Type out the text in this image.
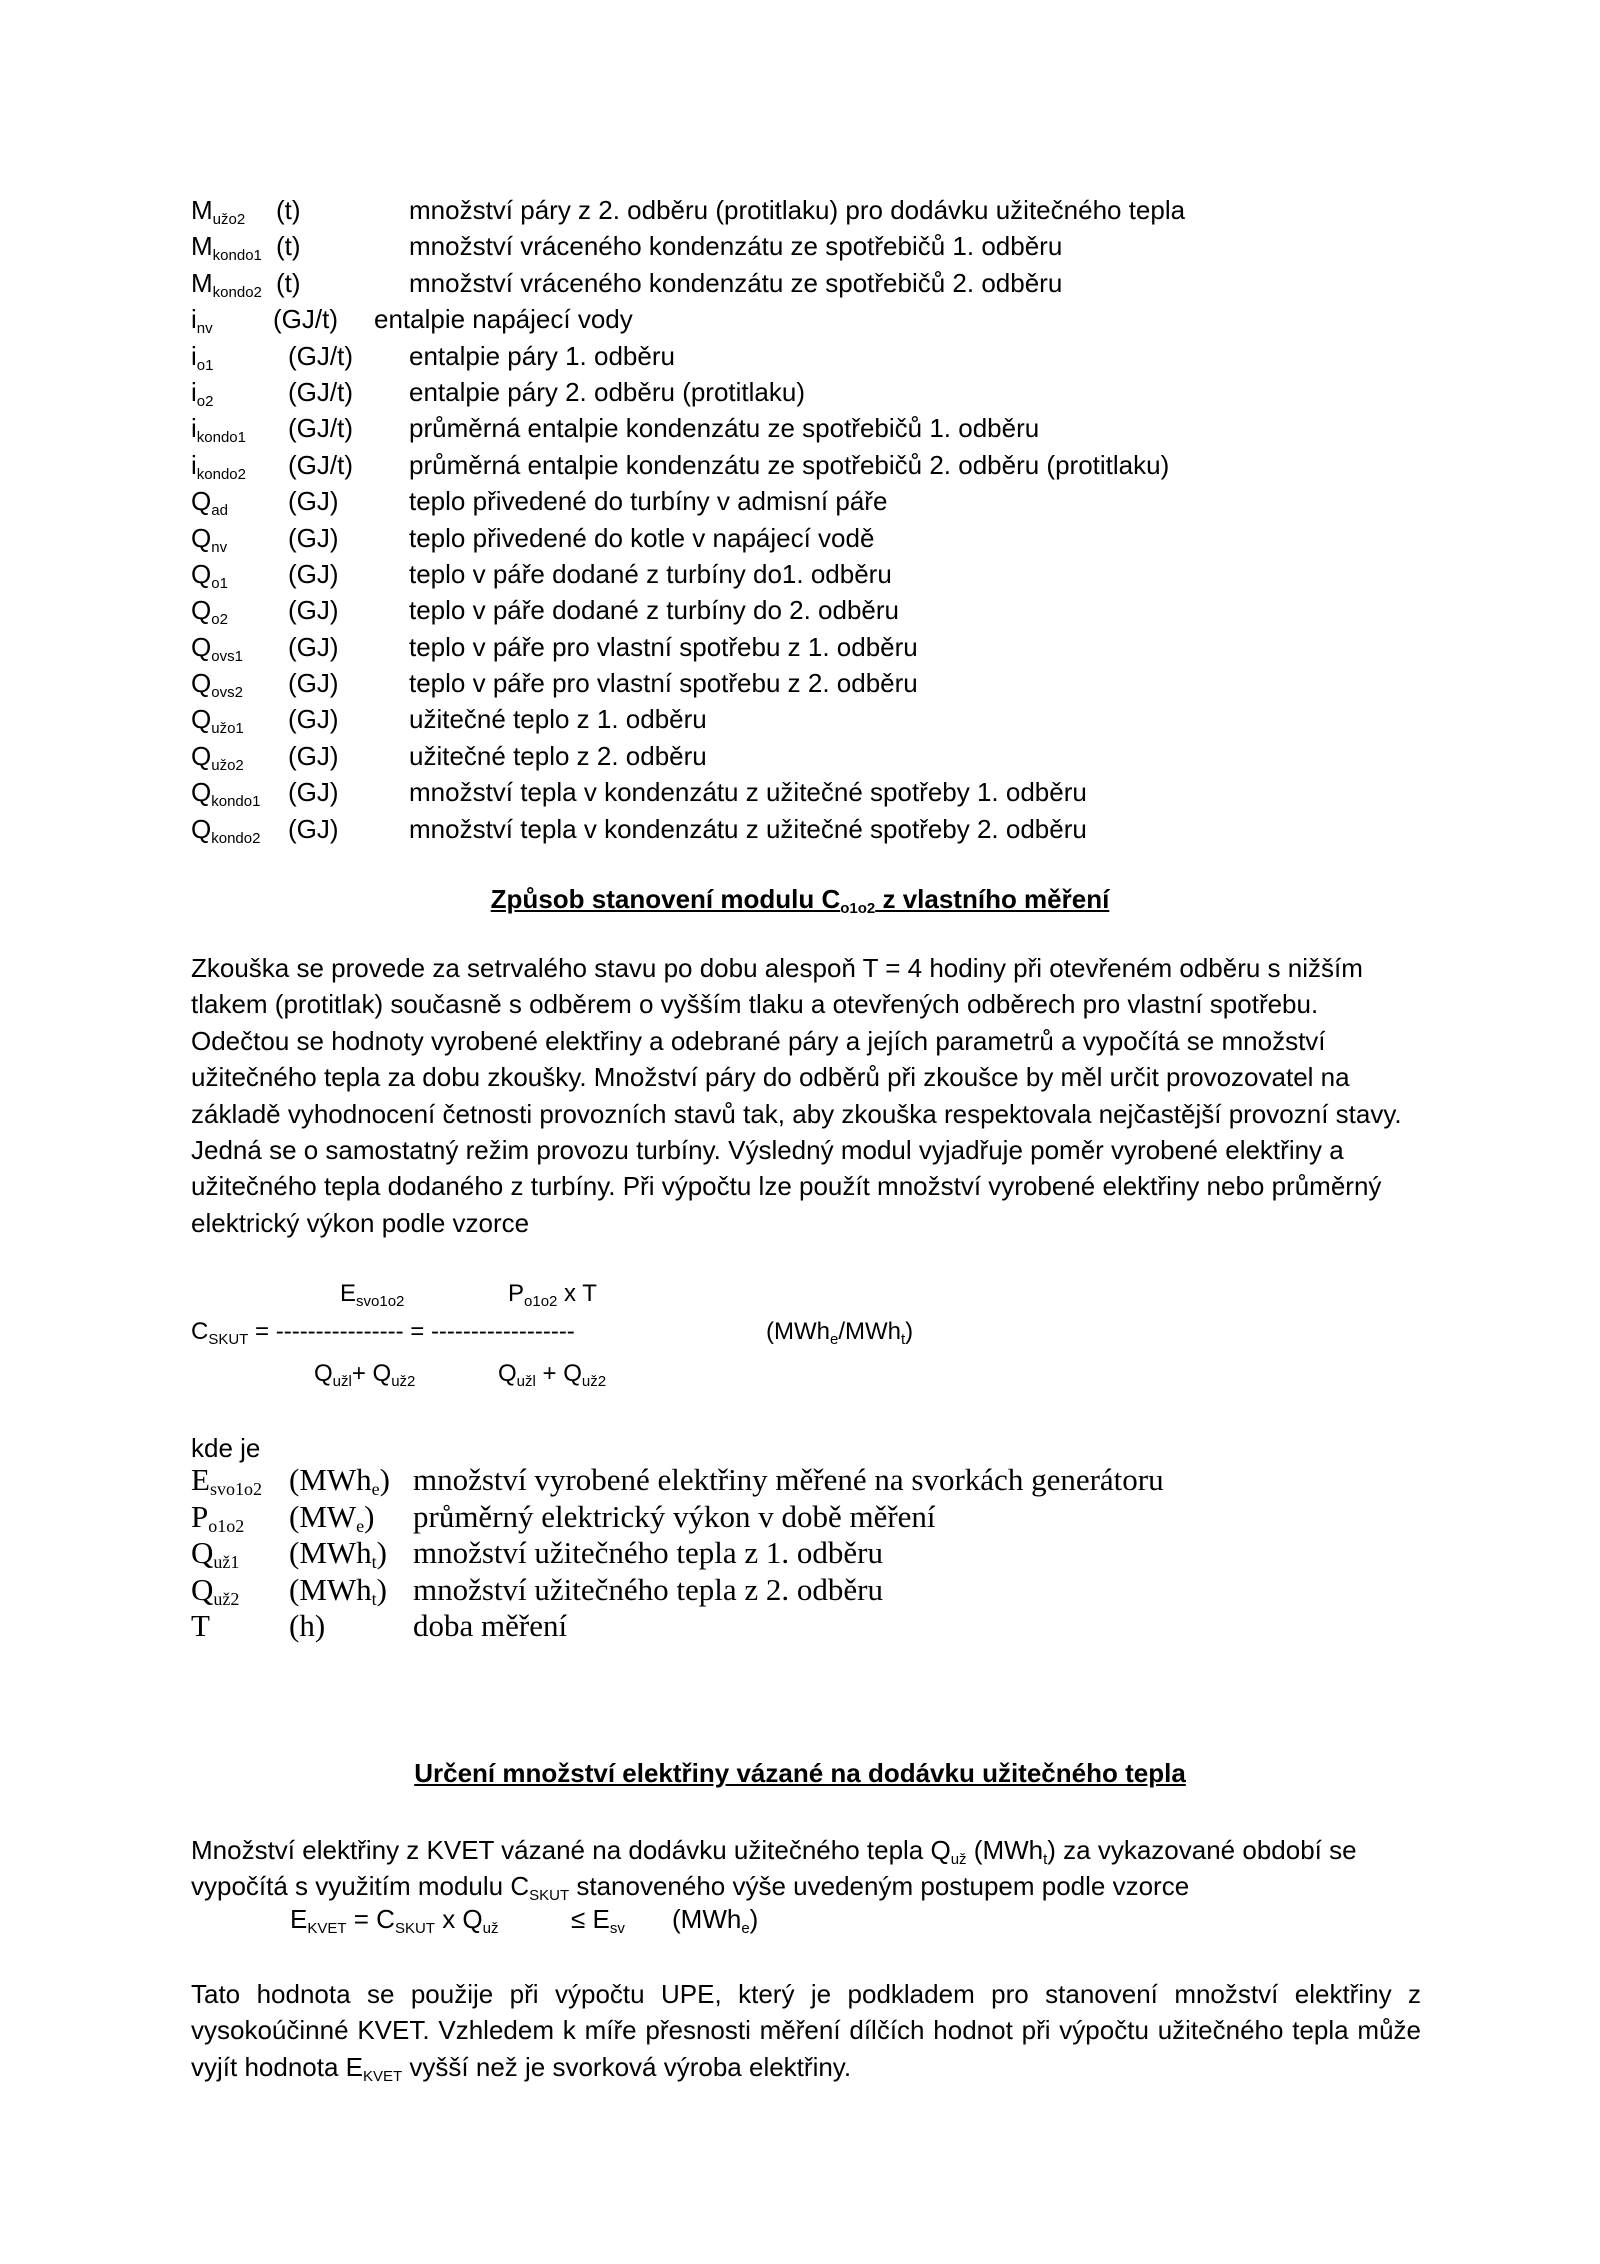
$M_{užo2}$ (t)	množství páry z 2. odběru (protitlaku) pro dodávku užitečného tepla
$M_{kondo1}$ (t)	množství vráceného kondenzátu ze spotřebičů 1. odběru
$M_{kondo2}$ (t)	množství vráceného kondenzátu ze spotřebičů 2. odběru
$i_{nv}$ (GJ/t) entalpie napájecí vody
$i_{o1}$	(GJ/t) entalpie páry 1. odběru
$i_{o2}$	(GJ/t) entalpie páry 2. odběru (protitlaku)
$i_{kondo1}$ (GJ/t) průměrná entalpie kondenzátu ze spotřebičů 1. odběru
$i_{kondo2}$ (GJ/t) průměrná entalpie kondenzátu ze spotřebičů 2. odběru (protitlaku)
$Q_{ad}$ (GJ)	teplo přivedené do turbíny v admisní páře
$Q_{nv}$ (GJ)	teplo přivedené do kotle v napájecí vodě
$Q_{o1}$ (GJ)	teplo v páře dodané z turbíny do1. odběru
$Q_{o2}$ (GJ)	teplo v páře dodané z turbíny do 2. odběru
$Q_{ovs1}$ (GJ)	teplo v páře pro vlastní spotřebu z 1. odběru
$Q_{ovs2}$ (GJ)	teplo v páře pro vlastní spotřebu z 2. odběru
$Q_{užo1}$ (GJ)	užitečné teplo z 1. odběru
$Q_{užo2}$ (GJ)	užitečné teplo z 2. odběru
$Q_{kondo1}$ (GJ)	množství tepla v kondenzátu z užitečné spotřeby 1. odběru
$Q_{kondo2}$ (GJ)	množství tepla v kondenzátu z užitečné spotřeby 2. odběru
Způsob stanovení modulu $C_{o1o2}$ z vlastního měření
Zkouška se provede za setrvalého stavu po dobu alespoň T = 4 hodiny při otevřeném odběru s nižším tlakem (protitlak) současně s odběrem o vyšším tlaku a otevřených odběrech pro vlastní spotřebu. Odečtou se hodnoty vyrobené elektřiny a odebrané páry a jejích parametrů a vypočítá se množství užitečného tepla za dobu zkoušky. Množství páry do odběrů při zkoušce by měl určit provozovatel na základě vyhodnocení četnosti provozních stavů tak, aby zkouška respektovala nejčastější provozní stavy. Jedná se o samostatný režim provozu turbíny. Výsledný modul vyjadřuje poměr vyrobené elektřiny a užitečného tepla dodaného z turbíny. Při výpočtu lze použít množství vyrobené elektřiny nebo průměrný elektrický výkon podle vzorce
$E_{svo1o2}$	$P_{o1o2}$ x T
$C_{SKUT}$ = ---------------- = ------------------	(MWh$_e$/MWh$_t$)
$Q_{užl}+ Q_{už2}$	$Q_{užl} + Q_{už2}$
kde je
$E_{svo1o2}$ (MWh$_e$) množství vyrobené elektřiny měřené na svorkách generátoru
$P_{o1o2}$ $(MW_e)$ průměrný elektrický výkon v době měření
$Q_{už1}$ (MWh$_t$) množství užitečného tepla z 1. odběru
$Q_{už2}$ (MWh$_t$) množství užitečného tepla z 2. odběru
T	(h)	doba měření
Určení množství elektřiny vázané na dodávku užitečného tepla
Množství elektřiny z KVET vázané na dodávku užitečného tepla $Q_{už}$ (MWh$_t$) za vykazované období se vypočítá s využitím modulu $C_{SKUT}$ stanoveného výše uvedeným postupem podle vzorce
$E_{KVET} = C_{SKUT}$ x $Q_{už}$	≤ $E_{sv}$ (MWh$_e$)
Tato hodnota se použije při výpočtu UPE, který je podkladem pro stanovení množství elektřiny z vysokoúčinné KVET. Vzhledem k míře přesnosti měření dílčích hodnot při výpočtu užitečného tepla může vyjít hodnota $E_{KVET}$ vyšší než je svorková výroba elektřiny.
